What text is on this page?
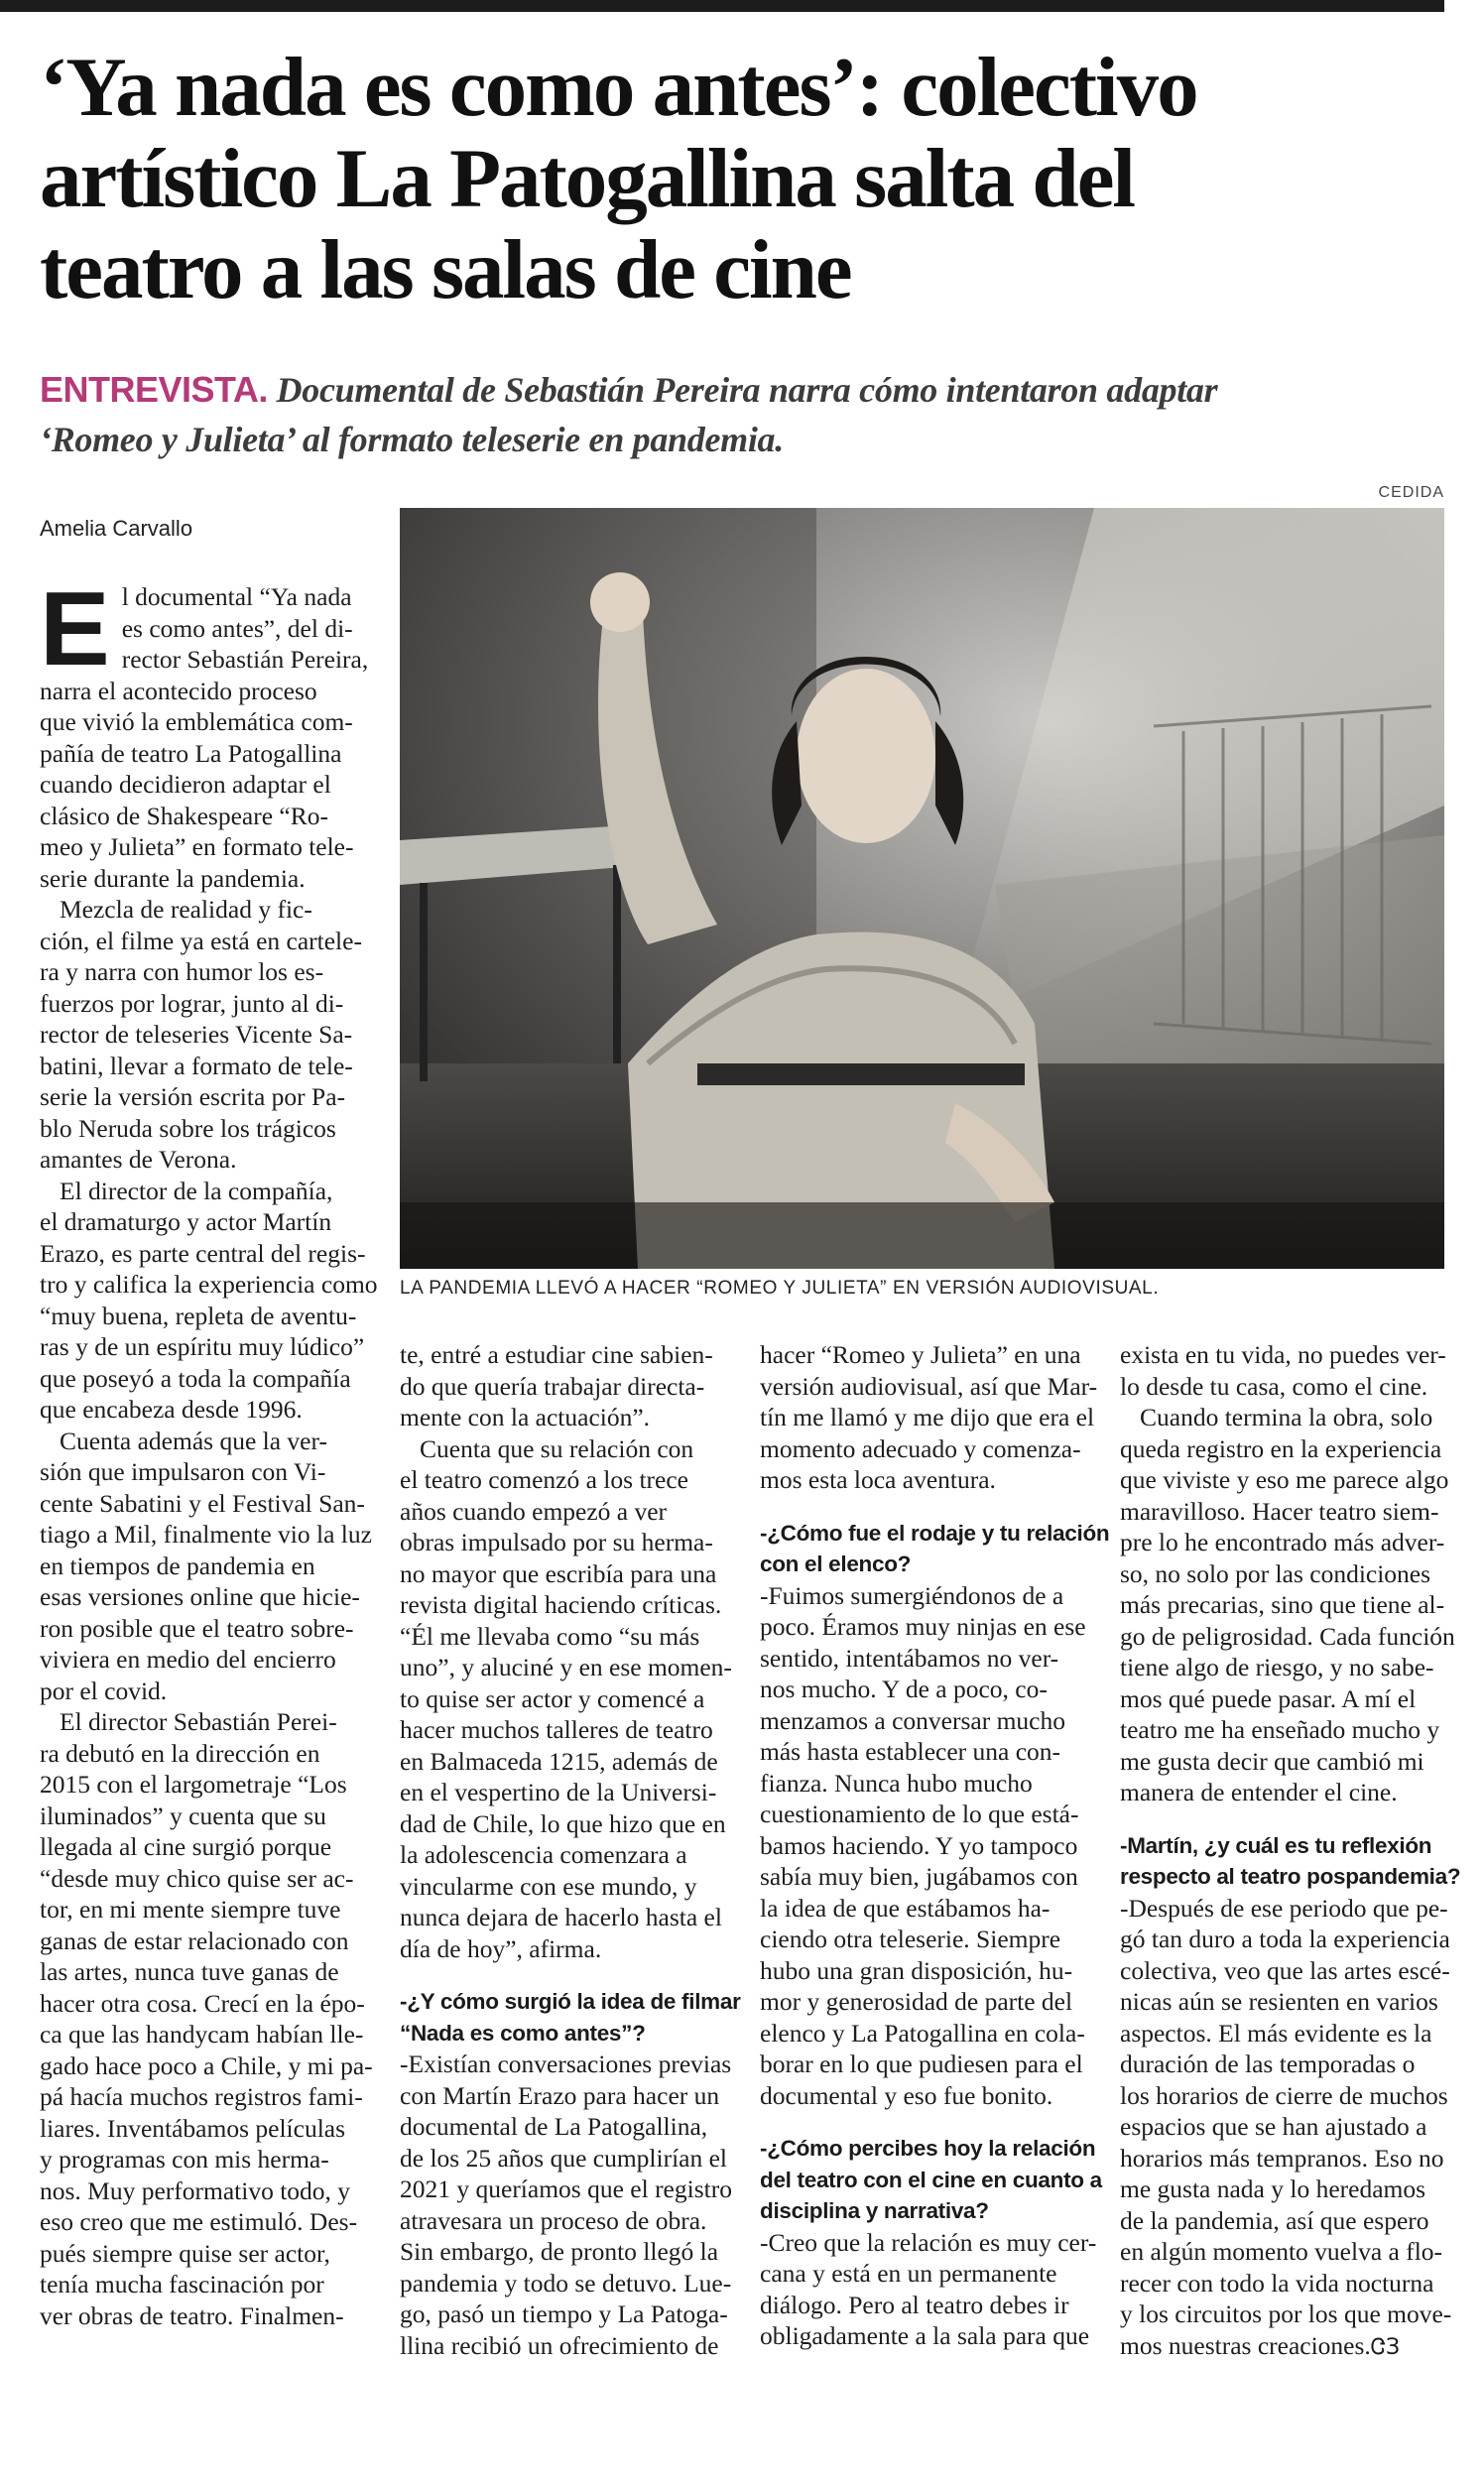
‘Ya nada es como antes’: colectivo
artístico La Patogallina salta del
teatro a las salas de cine
ENTREVISTA. Documental de Sebastián Pereira narra cómo intentaron adaptar
‘Romeo y Julieta’ al formato teleserie en pandemia.
CEDIDA
Amelia Carvallo
LA PANDEMIA LLEVÓ A HACER “ROMEO Y JULIETA” EN VERSIÓN AUDIOVISUAL.
E l documental “Ya nada
es como antes”, del di-
rector Sebastián Pereira,
narra el acontecido proceso
que vivió la emblemática com-
pañía de teatro La Patogallina
cuando decidieron adaptar el
clásico de Shakespeare “Ro-
meo y Julieta” en formato tele-
serie durante la pandemia.
Mezcla de realidad y fic-
ción, el filme ya está en cartele-
ra y narra con humor los es-
fuerzos por lograr, junto al di-
rector de teleseries Vicente Sa-
batini, llevar a formato de tele-
serie la versión escrita por Pa-
blo Neruda sobre los trágicos
amantes de Verona.
El director de la compañía,
el dramaturgo y actor Martín
Erazo, es parte central del regis-
tro y califica la experiencia como
“muy buena, repleta de aventu-
ras y de un espíritu muy lúdico”
que poseyó a toda la compañía
que encabeza desde 1996.
Cuenta además que la ver-
sión que impulsaron con Vi-
cente Sabatini y el Festival San-
tiago a Mil, finalmente vio la luz
en tiempos de pandemia en
esas versiones online que hicie-
ron posible que el teatro sobre-
viviera en medio del encierro
por el covid.
El director Sebastián Perei-
ra debutó en la dirección en
2015 con el largometraje “Los
iluminados” y cuenta que su
llegada al cine surgió porque
“desde muy chico quise ser ac-
tor, en mi mente siempre tuve
ganas de estar relacionado con
las artes, nunca tuve ganas de
hacer otra cosa. Crecí en la épo-
ca que las handycam habían lle-
gado hace poco a Chile, y mi pa-
pá hacía muchos registros fami-
liares. Inventábamos películas
y programas con mis herma-
nos. Muy performativo todo, y
eso creo que me estimuló. Des-
pués siempre quise ser actor,
tenía mucha fascinación por
ver obras de teatro. Finalmen-
te, entré a estudiar cine sabien-
do que quería trabajar directa-
mente con la actuación”.
Cuenta que su relación con
el teatro comenzó a los trece
años cuando empezó a ver
obras impulsado por su herma-
no mayor que escribía para una
revista digital haciendo críticas.
“Él me llevaba como “su más
uno”, y aluciné y en ese momen-
to quise ser actor y comencé a
hacer muchos talleres de teatro
en Balmaceda 1215, además de
en el vespertino de la Universi-
dad de Chile, lo que hizo que en
la adolescencia comenzara a
vincularme con ese mundo, y
nunca dejara de hacerlo hasta el
día de hoy”, afirma.
-¿Y cómo surgió la idea de filmar
“Nada es como antes”?
-Existían conversaciones previas
con Martín Erazo para hacer un
documental de La Patogallina,
de los 25 años que cumplirían el
2021 y queríamos que el registro
atravesara un proceso de obra.
Sin embargo, de pronto llegó la
pandemia y todo se detuvo. Lue-
go, pasó un tiempo y La Patoga-
llina recibió un ofrecimiento de
hacer “Romeo y Julieta” en una
versión audiovisual, así que Mar-
tín me llamó y me dijo que era el
momento adecuado y comenza-
mos esta loca aventura.
-¿Cómo fue el rodaje y tu relación
con el elenco?
-Fuimos sumergiéndonos de a
poco. Éramos muy ninjas en ese
sentido, intentábamos no ver-
nos mucho. Y de a poco, co-
menzamos a conversar mucho
más hasta establecer una con-
fianza. Nunca hubo mucho
cuestionamiento de lo que está-
bamos haciendo. Y yo tampoco
sabía muy bien, jugábamos con
la idea de que estábamos ha-
ciendo otra teleserie. Siempre
hubo una gran disposición, hu-
mor y generosidad de parte del
elenco y La Patogallina en cola-
borar en lo que pudiesen para el
documental y eso fue bonito.
-¿Cómo percibes hoy la relación
del teatro con el cine en cuanto a
disciplina y narrativa?
-Creo que la relación es muy cer-
cana y está en un permanente
diálogo. Pero al teatro debes ir
obligadamente a la sala para que
exista en tu vida, no puedes ver-
lo desde tu casa, como el cine.
Cuando termina la obra, solo
queda registro en la experiencia
que viviste y eso me parece algo
maravilloso. Hacer teatro siem-
pre lo he encontrado más adver-
so, no solo por las condiciones
más precarias, sino que tiene al-
go de peligrosidad. Cada función
tiene algo de riesgo, y no sabe-
mos qué puede pasar. A mí el
teatro me ha enseñado mucho y
me gusta decir que cambió mi
manera de entender el cine.
-Martín, ¿y cuál es tu reflexión
respecto al teatro pospandemia?
-Después de ese periodo que pe-
gó tan duro a toda la experiencia
colectiva, veo que las artes escé-
nicas aún se resienten en varios
aspectos. El más evidente es la
duración de las temporadas o
los horarios de cierre de muchos
espacios que se han ajustado a
horarios más tempranos. Eso no
me gusta nada y lo heredamos
de la pandemia, así que espero
en algún momento vuelva a flo-
recer con todo la vida nocturna
y los circuitos por los que move-
mos nuestras creaciones.ᏣЗ
